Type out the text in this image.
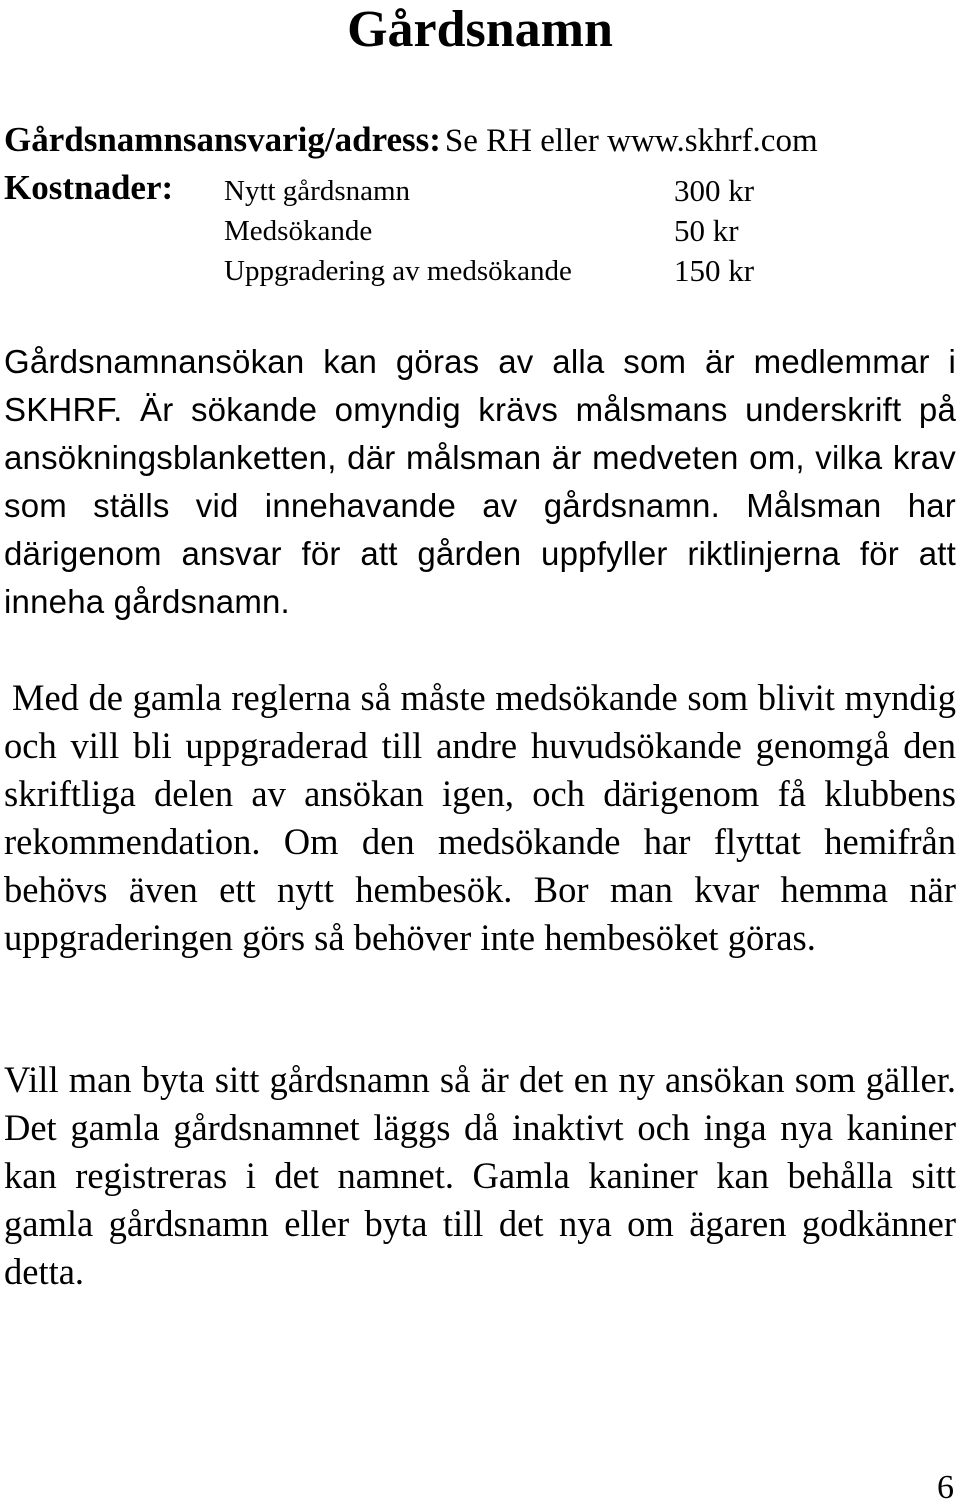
Gårdsnamn
Gårdsnamnsansvarig/adress: Se RH eller www.skhrf.com
Kostnader: Nytt gårdsnamn	300 kr
Medsökande	50 kr
Uppgradering av medsökande	150 kr

Gårdsnamnansökan kan göras av alla som är medlemmar i SKHRF. Är sökande omyndig krävs målsmans underskrift på ansökningsblanketten, där målsman är medveten om, vilka krav som ställs vid innehavande av gårdsnamn. Målsman har därigenom ansvar för att gården uppfyller riktlinjerna för att inneha gårdsnamn.

Med de gamla reglerna så måste medsökande som blivit myndig och vill bli uppgraderad till andre huvudsökande genomgå den skriftliga delen av ansökan igen, och därigenom få klubbens rekommendation. Om den medsökande har flyttat hemifrån behövs även ett nytt hembesök. Bor man kvar hemma när uppgraderingen görs så behöver inte hembesöket göras.

Vill man byta sitt gårdsnamn så är det en ny ansökan som gäller. Det gamla gårdsnamnet läggs då inaktivt och inga nya kaniner kan registreras i det namnet. Gamla kaniner kan behålla sitt gamla gårdsnamn eller byta till det nya om ägaren godkänner detta.

6
